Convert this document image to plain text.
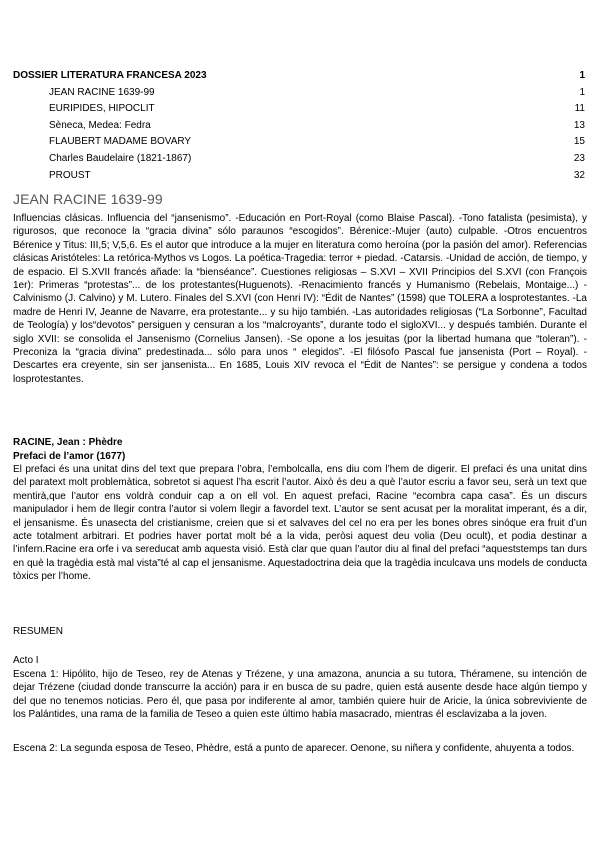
DOSSIER LITERATURA FRANCESA 2023	1
JEAN RACINE 1639-99	1
EURIPIDES, HIPOCLIT	11
Sèneca, Medea: Fedra	13
FLAUBERT MADAME BOVARY	15
Charles Baudelaire (1821-1867)	23
PROUST	32
JEAN RACINE 1639-99
Influencias clásicas. Influencia del “jansenismo”. -Educación en Port-Royal (como Blaise Pascal). -Tono fatalista (pesimista), y rigurosos, que reconoce la “gracia divina” sólo paraunos “escogidos”. Bérenice:-Mujer (auto) culpable. -Otros encuentros Bérenice y Titus: III,5; V,5,6. Es el autor que introduce a la mujer en literatura como heroína (por la pasión del amor). Referencias clásicas Aristóteles: La retórica-Mythos vs Logos. La poética-Tragedia: terror + piedad. -Catarsis. -Unidad de acción, de tiempo, y de espacio. El S.XVII francés añade: la “bienséance”. Cuestiones religiosas – S.XVI – XVII Principios del S.XVI (con François 1er): Primeras “protestas”... de los protestantes(Huguenots). -Renacimiento francés y Humanismo (Rebelais, Montaige...) -Calvinismo (J. Calvino) y M. Lutero. Finales del S.XVI (con Henri IV): “Édit de Nantes” (1598) que TOLERA a losprotestantes. -La madre de Henri IV, Jeanne de Navarre, era protestante... y su hijo también. -Las autoridades religiosas (“La Sorbonne”, Facultad de Teología) y los“devotos” persiguen y censuran a los “malcroyants”, durante todo el sigloXVI... y después también. Durante el siglo XVII: se consolida el Jansenismo (Cornelius Jansen). -Se opone a los jesuitas (por la libertad humana que “toleran”). -Preconiza la “gracia divina” predestinada... sólo para unos “ elegidos”. -El filósofo Pascal fue jansenista (Port – Royal). -Descartes era creyente, sin ser jansenista... En 1685, Louis XIV revoca el “Édit de Nantes”: se persigue y condena a todos losprotestantes.
RACINE, Jean : Phèdre
Prefaci de l’amor (1677)
El prefaci és una unitat dins del text que prepara l’obra, l’embolcalla, ens diu com l’hem de digerir. El prefaci és una unitat dins del paratext molt problemàtica, sobretot si aquest l’ha escrit l’autor. Això és deu a què l’autor escriu a favor seu, serà un text que mentirà,que l’autor ens voldrà conduir cap a on ell vol. En aquest prefaci, Racine “ecombra capa casa”. És un discurs manipulador i hem de llegir contra l’autor si volem llegir a favordel text. L’autor se sent acusat per la moralitat imperant, és a dir, el jensanisme. És unasecta del cristianisme, creien que si et salvaves del cel no era per les bones obres sinóque era fruit d’un acte totalment arbitrari. Et podries haver portat molt bé a la vida, peròsi aquest deu volia (Deu ocult), et podia destinar a l’infern.Racine era orfe i va sereducat amb aquesta visió. Està clar que quan l’autor diu al final del prefaci “aqueststemps tan durs en què la tragèdia està mal vista”té al cap el jensanisme. Aquestadoctrina deia que la tragèdia inculcava uns models de conducta tòxics per l’home.
RESUMEN
Acto I
Escena 1: Hipólito, hijo de Teseo, rey de Atenas y Trézene, y una amazona, anuncia a su tutora, Théramene, su intención de dejar Trézene (ciudad donde transcurre la acción) para ir en busca de su padre, quien está ausente desde hace algún tiempo y del que no tenemos noticias. Pero él, que pasa por indiferente al amor, también quiere huir de Aricie, la única sobreviviente de los Palántides, una rama de la familia de Teseo a quien este último había masacrado, mientras él esclavizaba a la joven.
Escena 2: La segunda esposa de Teseo, Phèdre, está a punto de aparecer. Oenone, su niñera y confidente, ahuyenta a todos.
